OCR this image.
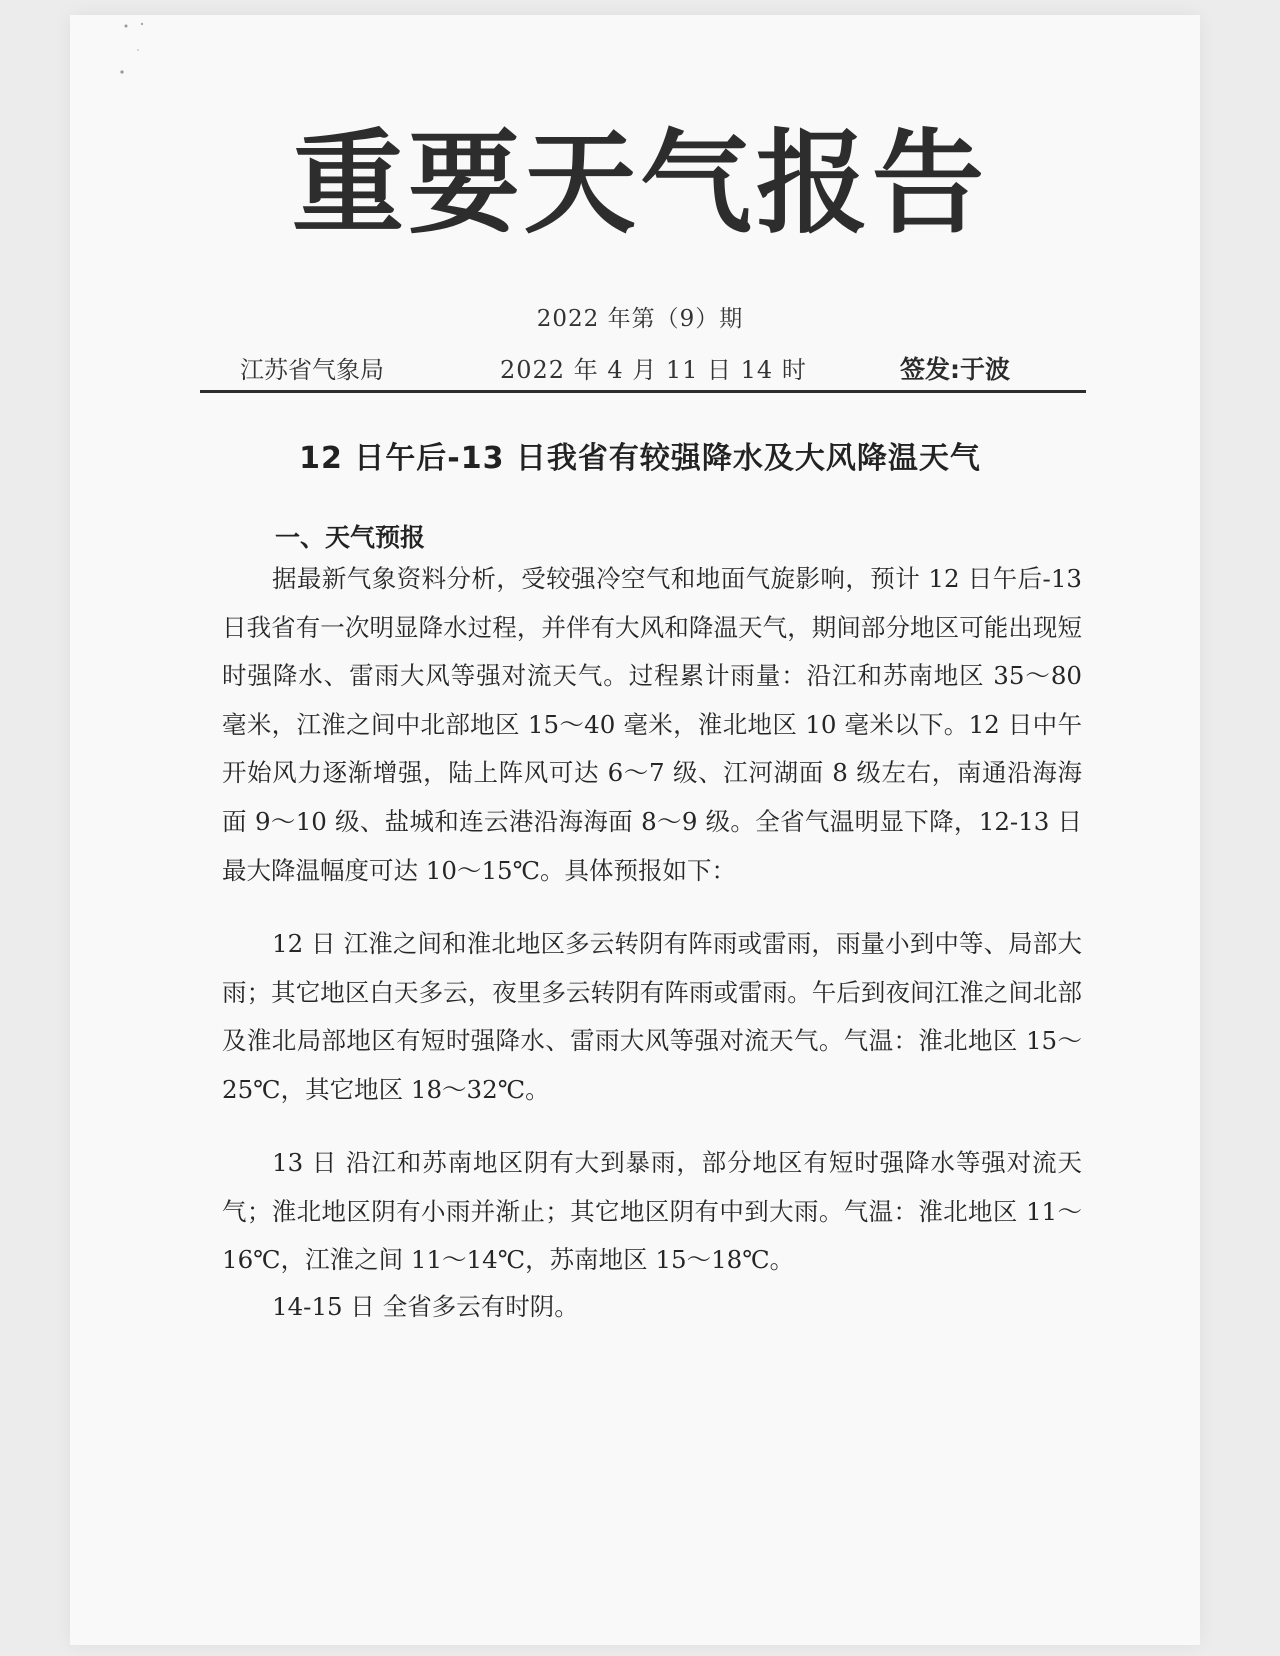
重要天气报告
2022 年第（9）期
江苏省气象局	2022 年 4 月 11 日 14 时	签发:于波
12 日午后-13 日我省有较强降水及大风降温天气
一、天气预报

据最新气象资料分析，受较强冷空气和地面气旋影响，预计 12 日午后-13 日我省有一次明显降水过程，并伴有大风和降温天气，期间部分地区可能出现短时强降水、雷雨大风等强对流天气。过程累计雨量：沿江和苏南地区 35～80 毫米，江淮之间中北部地区 15～40 毫米，淮北地区 10 毫米以下。12 日中午开始风力逐渐增强，陆上阵风可达 6～7 级、江河湖面 8 级左右，南通沿海海面 9～10 级、盐城和连云港沿海海面 8～9 级。全省气温明显下降，12-13 日最大降温幅度可达 10～15℃。具体预报如下：

12 日 江淮之间和淮北地区多云转阴有阵雨或雷雨，雨量小到中等、局部大雨；其它地区白天多云，夜里多云转阴有阵雨或雷雨。午后到夜间江淮之间北部及淮北局部地区有短时强降水、雷雨大风等强对流天气。气温：淮北地区 15～25℃，其它地区 18～32℃。

13 日 沿江和苏南地区阴有大到暴雨，部分地区有短时强降水等强对流天气；淮北地区阴有小雨并渐止；其它地区阴有中到大雨。气温：淮北地区 11～16℃，江淮之间 11～14℃，苏南地区 15～18℃。

14-15 日 全省多云有时阴。
